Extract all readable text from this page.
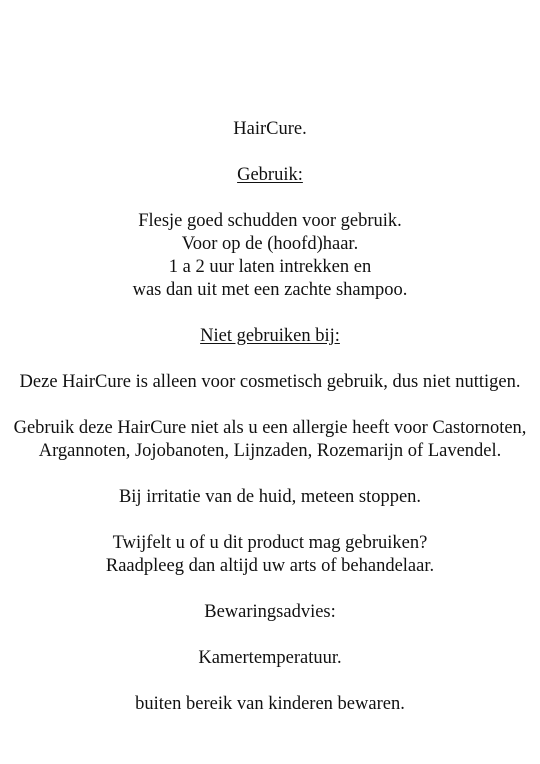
HairCure.

Gebruik:

Flesje goed schudden voor gebruik.
Voor op de (hoofd)haar.
1 a 2 uur laten intrekken en
was dan uit met een zachte shampoo.

Niet gebruiken bij:

Deze HairCure is alleen voor cosmetisch gebruik, dus niet nuttigen.

Gebruik deze HairCure niet als u een allergie heeft voor Castornoten, Argannoten, Jojobanoten, Lijnzaden, Rozemarijn of Lavendel.

Bij irritatie van de huid, meteen stoppen.

Twijfelt u of u dit product mag gebruiken?
Raadpleeg dan altijd uw arts of behandelaar.

Bewaringsadvies:

Kamertemperatuur.

buiten bereik van kinderen bewaren.
